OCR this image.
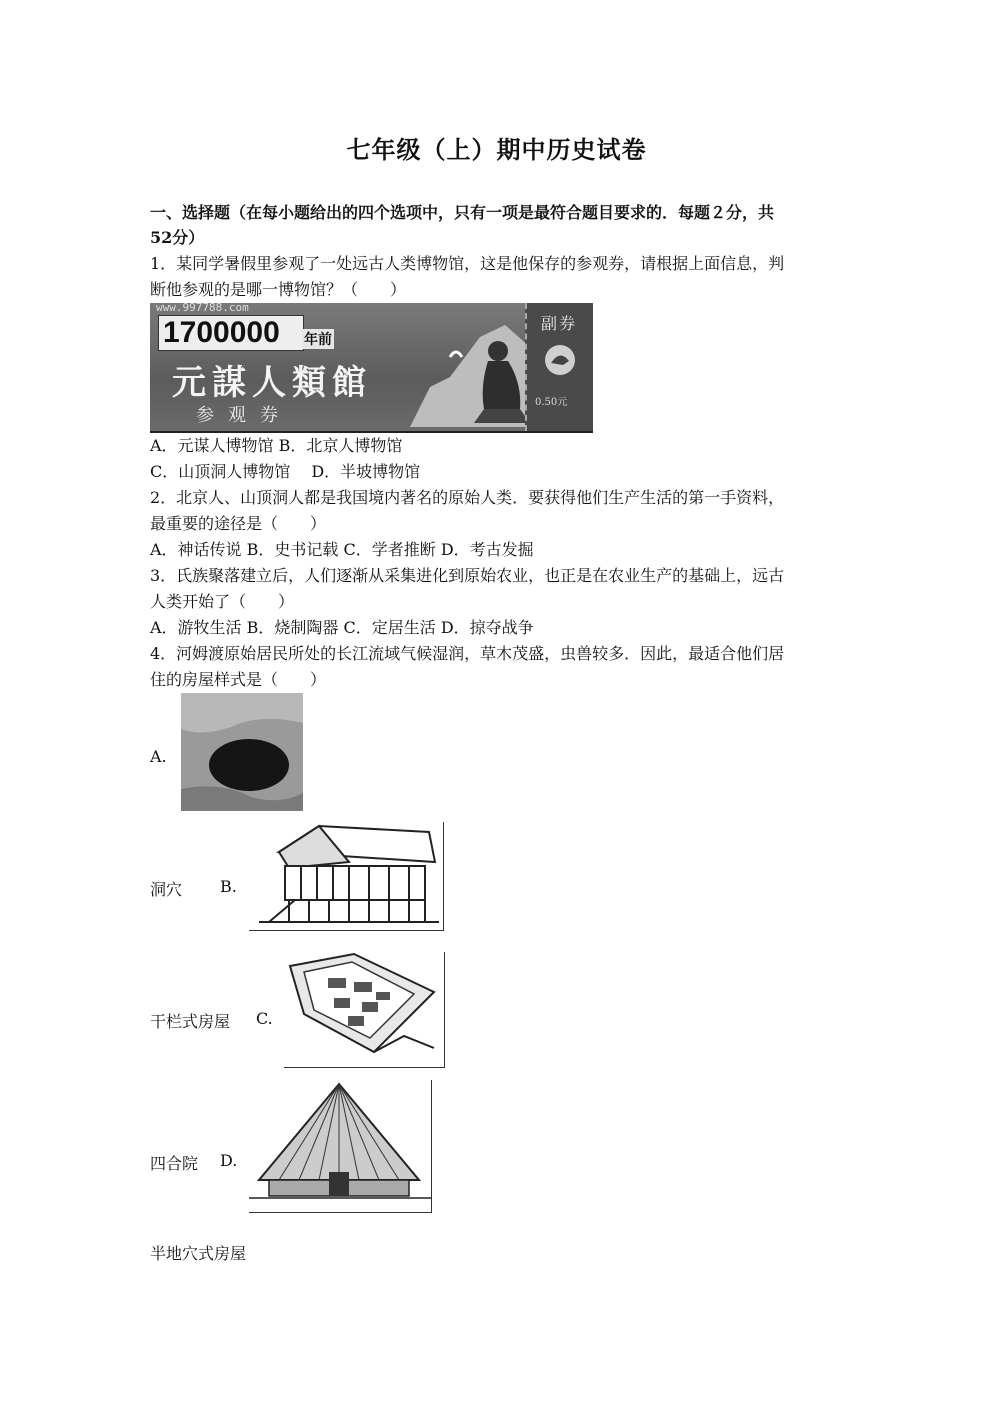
七年级（上）期中历史试卷
一、选择题（在每小题给出的四个选项中，只有一项是最符合题目要求的．每题２分，共
52分）
1．某同学暑假里参观了一处远古人类博物馆，这是他保存的参观券，请根据上面信息，判
断他参观的是哪一博物馆？（　　）
www.997788.com
1700000	年前
元謀人類館
参观券
副券
0.50元
A．元谋人博物馆 B．北京人博物馆
C．山顶洞人博物馆　 D．半坡博物馆
2．北京人、山顶洞人都是我国境内著名的原始人类．要获得他们生产生活的第一手资料，
最重要的途径是（　　）
A．神话传说 B．史书记载 C．学者推断 D．考古发掘
3．氏族聚落建立后，人们逐渐从采集进化到原始农业，也正是在农业生产的基础上，远古
人类开始了（　　）
A．游牧生活 B．烧制陶器 C．定居生活 D．掠夺战争
4．河姆渡原始居民所处的长江流域气候湿润，草木茂盛，虫兽较多．因此，最适合他们居
住的房屋样式是（　　）
A.
洞穴 B.
干栏式房屋 C.
四合院 D.
半地穴式房屋
